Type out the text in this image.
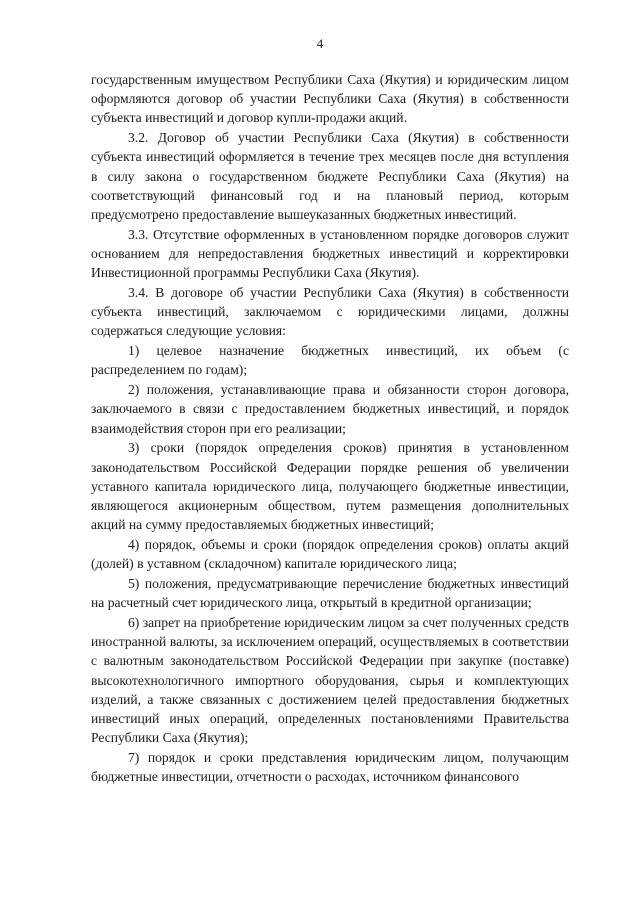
4

государственным имуществом Республики Саха (Якутия) и юридическим лицом оформляются договор об участии Республики Саха (Якутия) в собственности субъекта инвестиций и договор купли-продажи акций.

3.2. Договор об участии Республики Саха (Якутия) в собственности субъекта инвестиций оформляется в течение трех месяцев после дня вступления в силу закона о государственном бюджете Республики Саха (Якутия) на соответствующий финансовый год и на плановый период, которым предусмотрено предоставление вышеуказанных бюджетных инвестиций.

3.3. Отсутствие оформленных в установленном порядке договоров служит основанием для непредоставления бюджетных инвестиций и корректировки Инвестиционной программы Республики Саха (Якутия).

3.4. В договоре об участии Республики Саха (Якутия) в собственности субъекта инвестиций, заключаемом с юридическими лицами, должны содержаться следующие условия:

1) целевое назначение бюджетных инвестиций, их объем (с распределением по годам);

2) положения, устанавливающие права и обязанности сторон договора, заключаемого в связи с предоставлением бюджетных инвестиций, и порядок взаимодействия сторон при его реализации;

3) сроки (порядок определения сроков) принятия в установленном законодательством Российской Федерации порядке решения об увеличении уставного капитала юридического лица, получающего бюджетные инвестиции, являющегося акционерным обществом, путем размещения дополнительных акций на сумму предоставляемых бюджетных инвестиций;

4) порядок, объемы и сроки (порядок определения сроков) оплаты акций (долей) в уставном (складочном) капитале юридического лица;

5) положения, предусматривающие перечисление бюджетных инвестиций на расчетный счет юридического лица, открытый в кредитной организации;

6) запрет на приобретение юридическим лицом за счет полученных средств иностранной валюты, за исключением операций, осуществляемых в соответствии с валютным законодательством Российской Федерации при закупке (поставке) высокотехнологичного импортного оборудования, сырья и комплектующих изделий, а также связанных с достижением целей предоставления бюджетных инвестиций иных операций, определенных постановлениями Правительства Республики Саха (Якутия);

7) порядок и сроки представления юридическим лицом, получающим бюджетные инвестиции, отчетности о расходах, источником финансового
